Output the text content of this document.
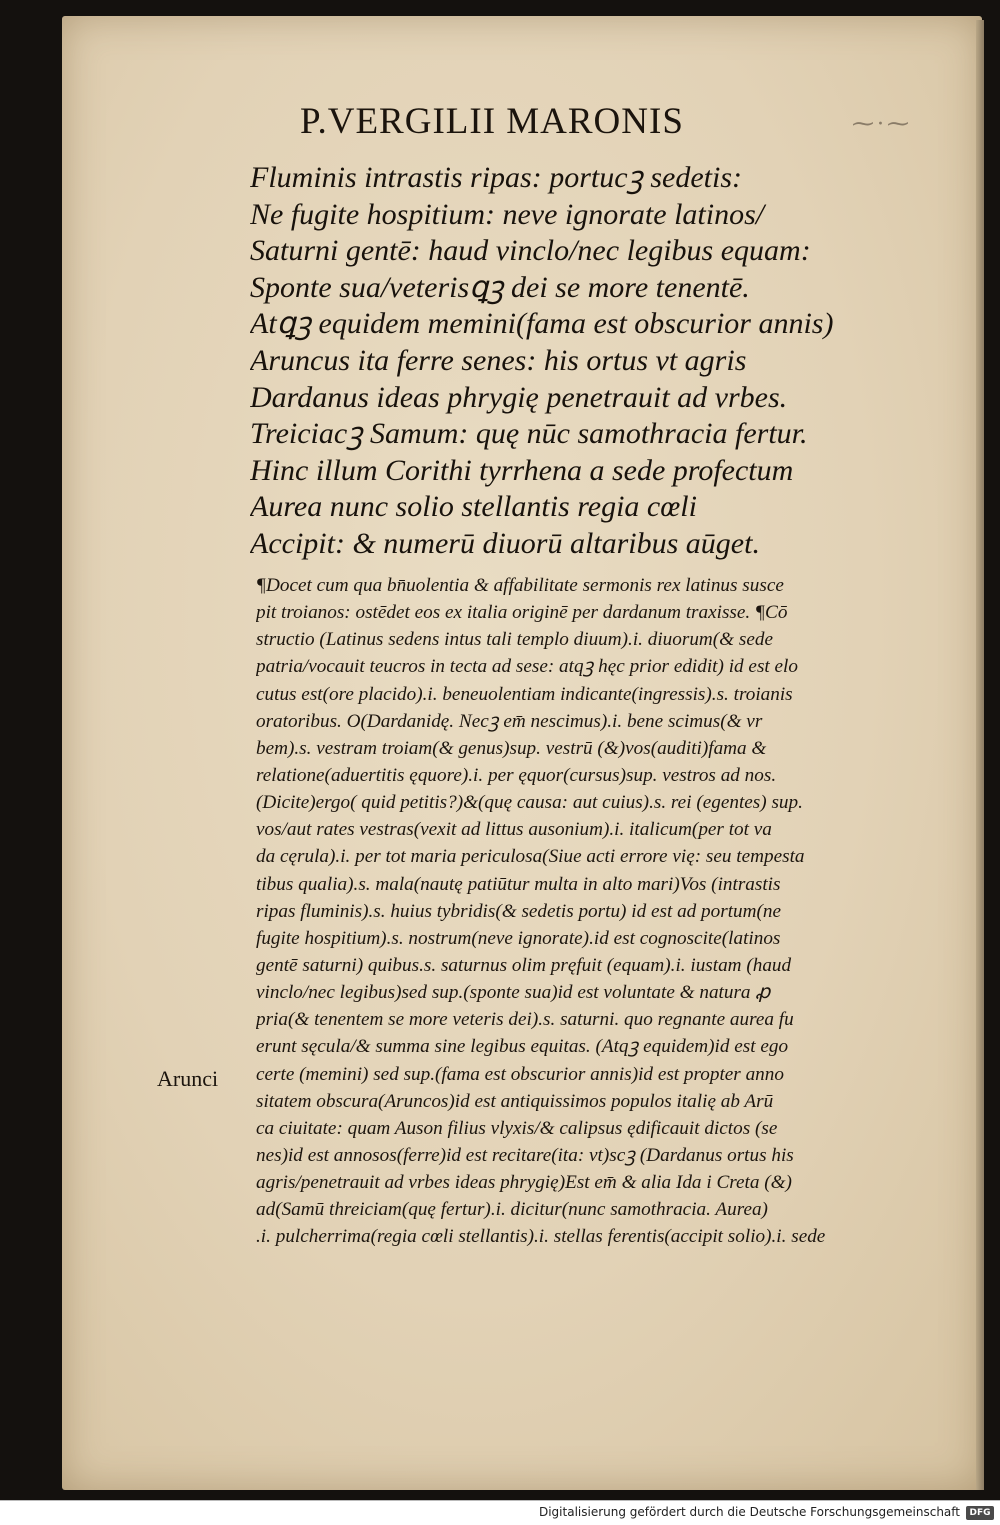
P.VERGILII MARONIS	⁓·⁓
Fluminis intrastis ripas: portucꝫ sedetis:
Ne fugite hospitium: neve ignorate latinos/
Saturni gentē: haud vinclo/nec legibus equam:
Sponte sua/veterisꝗꝫ dei se more tenentē.
Atꝗꝫ equidem memini(fama est obscurior annis)
Aruncus ita ferre senes: his ortus vt agris
Dardanus ideas phrygię penetrauit ad vrbes.
Treiciacꝫ Samum: quę nūc samothracia fertur.
Hinc illum Corithi tyrrhena a sede profectum
Aurea nunc solio stellantis regia cœli
Accipit: & numerū diuorū altaribus aūget.
¶Docet cum qua bn̄uolentia & affabilitate sermonis rex latinus susce
pit troianos: ostēdet eos ex italia originē per dardanum traxisse. ¶Cō
structio (Latinus sedens intus tali templo diuum).i. diuorum(& sede
patria/vocauit teucros in tecta ad sese: atqꝫ hęc prior edidit) id est elo
cutus est(ore placido).i. beneuolentiam indicante(ingressis).s. troianis
oratoribus. O(Dardanidę. Necꝫ em̄ nescimus).i. bene scimus(& vr
bem).s. vestram troiam(& genus)sup. vestrū (&)vos(auditi)fama &
relatione(aduertitis ęquore).i. per ęquor(cursus)sup. vestros ad nos.
(Dicite)ergo( quid petitis?)&(quę causa: aut cuius).s. rei (egentes) sup.
vos/aut rates vestras(vexit ad littus ausonium).i. italicum(per tot va
da cęrula).i. per tot maria periculosa(Siue acti errore vię: seu tempesta
tibus qualia).s. mala(nautę patiūtur multa in alto mari)Vos (intrastis
ripas fluminis).s. huius tybridis(& sedetis portu) id est ad portum(ne
fugite hospitium).s. nostrum(neve ignorate).id est cognoscite(latinos
gentē saturni) quibus.s. saturnus olim pręfuit (equam).i. iustam (haud
vinclo/nec legibus)sed sup.(sponte sua)id est voluntate & natura ꝓ
pria(& tenentem se more veteris dei).s. saturni. quo regnante aurea fu
erunt sęcula/& summa sine legibus equitas. (Atqꝫ equidem)id est ego
certe (memini) sed sup.(fama est obscurior annis)id est propter anno
sitatem obscura(Aruncos)id est antiquissimos populos italię ab Arū
ca ciuitate: quam Auson filius vlyxis/& calipsus ędificauit dictos (se
nes)id est annosos(ferre)id est recitare(ita: vt)scꝫ (Dardanus ortus his
agris/penetrauit ad vrbes ideas phrygię)Est em̄ & alia Ida i Creta (&)
ad(Samū threiciam(quę fertur).i. dicitur(nunc samothracia. Aurea)
.i. pulcherrima(regia cœli stellantis).i. stellas ferentis(accipit solio).i. sede
Arunci
Digitalisierung gefördert durch die Deutsche Forschungsgemeinschaft	DFG
